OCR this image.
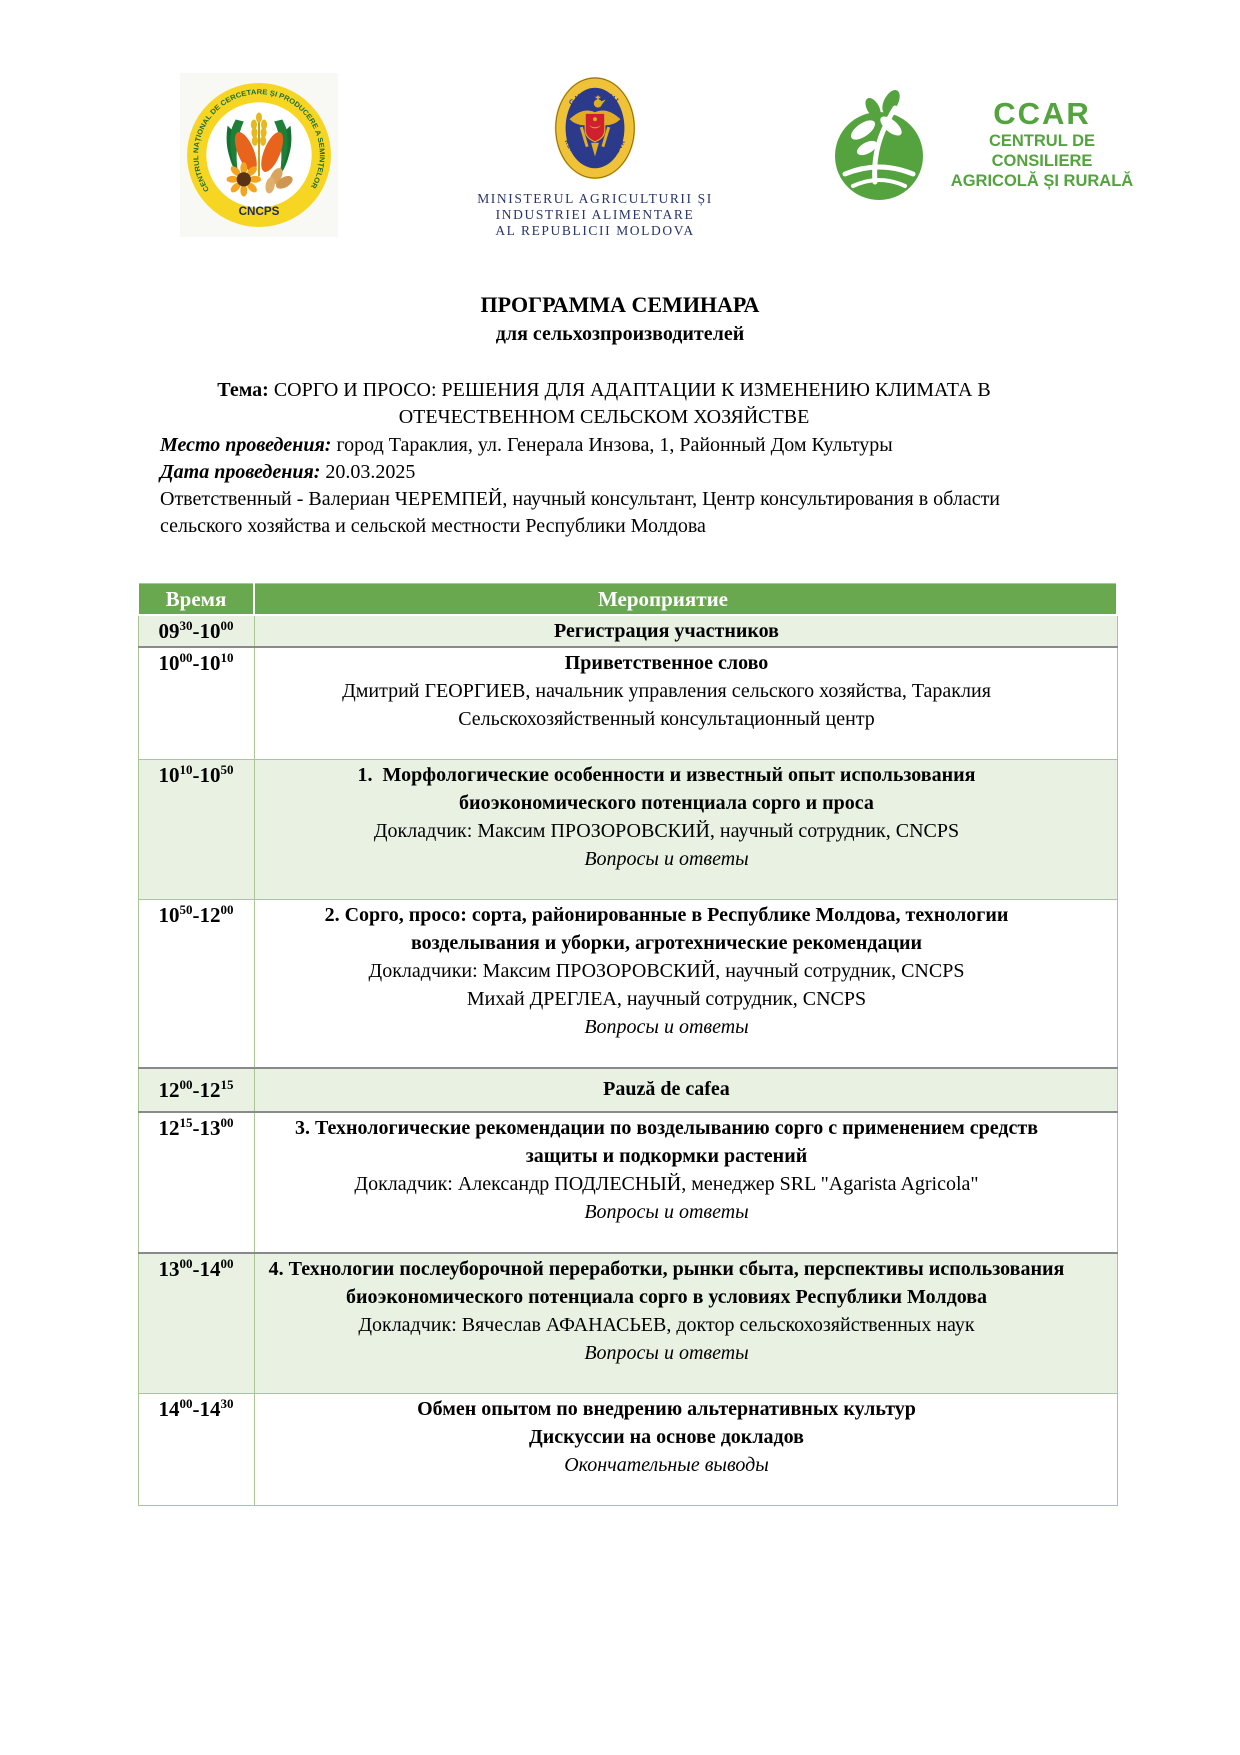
CENTRUL NAȚIONAL DE CERCETARE ȘI PRODUCERE A SEMINȚELOR
CNCPS
GUVERNUL
REPUBLICII MOLDOVA
MINISTERUL AGRICULTURII ȘI
INDUSTRIEI ALIMENTARE
AL REPUBLICII MOLDOVA
CCAR
CENTRUL DE CONSILIERE
AGRICOLĂ ȘI RURALĂ
ПРОГРАММА СЕМИНАРА
для сельхозпроизводителей

Тема: СОРГО И ПРОСО: РЕШЕНИЯ ДЛЯ АДАПТАЦИИ К ИЗМЕНЕНИЮ КЛИМАТА В ОТЕЧЕСТВЕННОМ СЕЛЬСКОМ ХОЗЯЙСТВЕ

Место проведения: город Тараклия, ул. Генерала Инзова, 1, Районный Дом Культуры

Дата проведения: 20.03.2025

Ответственный - Валериан ЧЕРЕМПЕЙ, научный консультант, Центр консультирования в области сельского хозяйства и сельской местности Республики Молдова

Время	Мероприятие
$09^{30}-10^{00}$	Регистрация участников

$10^{00}-10^{10}$	Приветственное слово
Дмитрий ГЕОРГИЕВ, начальник управления сельского хозяйства, Тараклия
Сельскохозяйственный консультационный центр

$10^{10}-10^{50}$	1.  Морфологические особенности и известный опыт использования биоэкономического потенциала сорго и проса
Докладчик: Максим ПРОЗОРОВСКИЙ, научный сотрудник, CNCPS
Вопросы и ответы

$10^{50}-12^{00}$	2. Сорго, просо: сорта, районированные в Республике Молдова, технологии возделывания и уборки, агротехнические рекомендации
Докладчики: Максим ПРОЗОРОВСКИЙ, научный сотрудник, CNCPS
Михай ДРЕГЛЕА, научный сотрудник, CNCPS
Вопросы и ответы

$12^{00}-12^{15}$	Pauză de cafea

$12^{15}-13^{00}$	3. Технологические рекомендации по возделыванию сорго с применением средств защиты и подкормки растений
Докладчик: Александр ПОДЛЕСНЫЙ, менеджер SRL "Agarista Agricola"
Вопросы и ответы

$13^{00}-14^{00}$	4. Технологии послеуборочной переработки, рынки сбыта, перспективы использования биоэкономического потенциала сорго в условиях Республики Молдова
Докладчик: Вячеслав АФАНАСЬЕВ, доктор сельскохозяйственных наук
Вопросы и ответы

$14^{00}-14^{30}$	Обмен опытом по внедрению альтернативных культур
Дискуссии на основе докладов
Окончательные выводы
